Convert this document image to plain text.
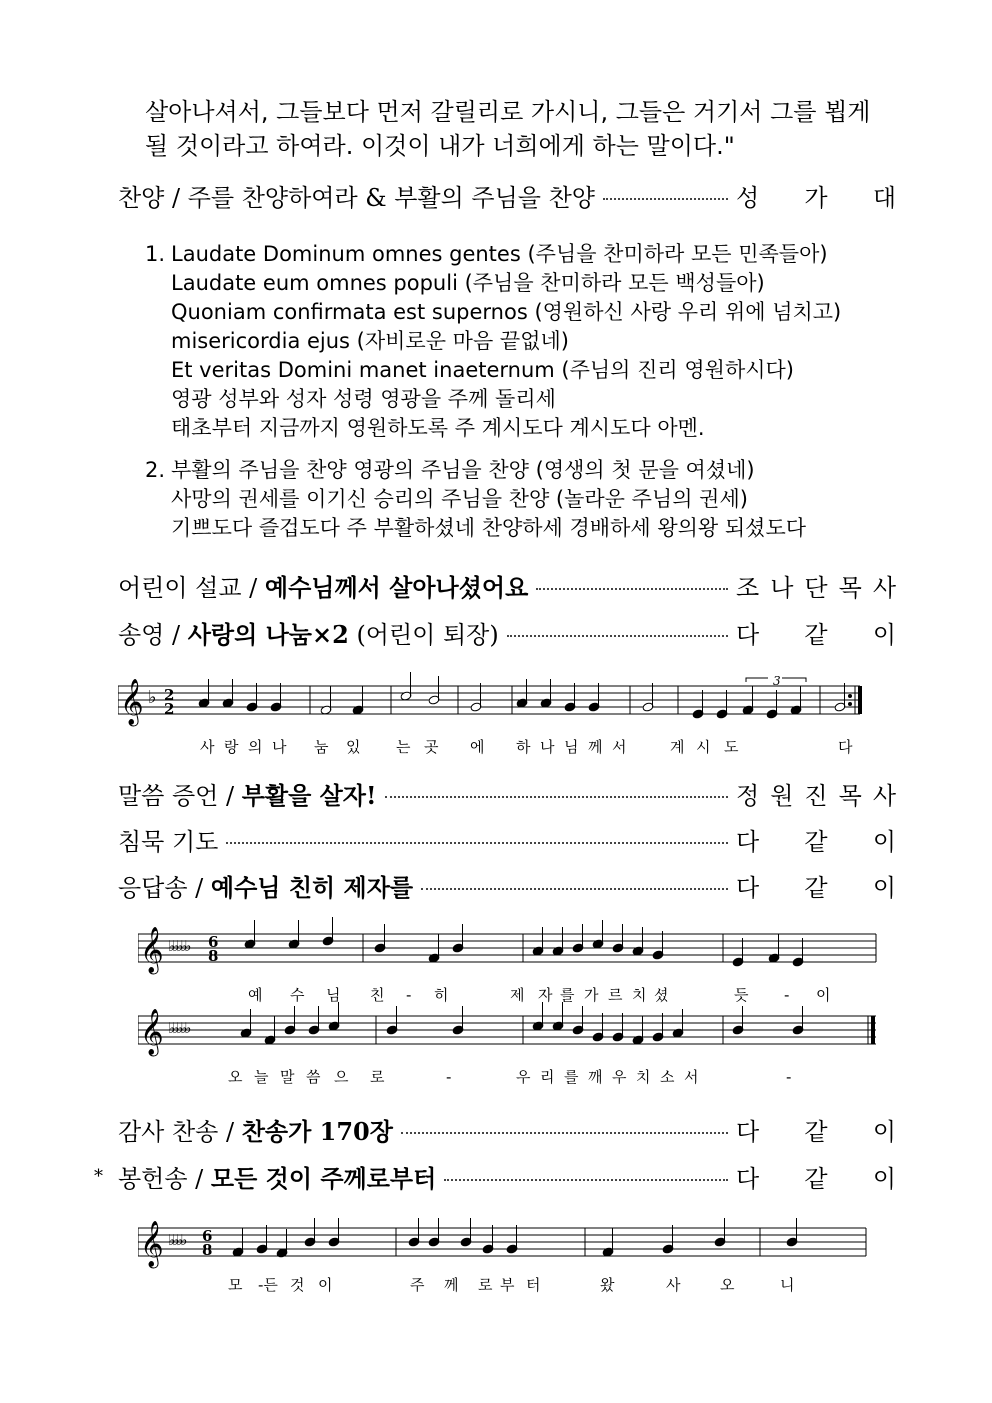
살아나셔서, 그들보다 먼저 갈릴리로 가시니, 그들은 거기서 그를 뵙게
될 것이라고 하여라. 이것이 내가 너희에게 하는 말이다."
찬양 / 주를 찬양하여라 & 부활의 주님을 찬양	성 가 대
1. Laudate Dominum omnes gentes (주님을 찬미하라 모든 민족들아)
Laudate eum omnes populi (주님을 찬미하라 모든 백성들아)
Quoniam confirmata est supernos (영원하신 사랑 우리 위에 넘치고)
misericordia ejus (자비로운 마음 끝없네)
Et veritas Domini manet inaeternum (주님의 진리 영원하시다)
영광 성부와 성자 성령 영광을 주께 돌리세
태초부터 지금까지 영원하도록 주 계시도다 계시도다 아멘.
2. 부활의 주님을 찬양 영광의 주님을 찬양 (영생의 첫 문을 여셨네)
사망의 권세를 이기신 승리의 주님을 찬양 (놀라운 주님의 권세)
기쁘도다 즐겁도다 주 부활하셨네 찬양하세 경배하세 왕의왕 되셨도다
어린이 설교 / 예수님께서 살아나셨어요	조 나 단 목 사
송영 / 사랑의 나눔×2 (어린이 퇴장)	다 같 이
𝄞 ♭ 2
2
3
사 랑 의 나 눔 있 는 곳 에 하 나 님 께 서	계 시 도	다
말씀 증언 / 부활을 살자!	정 원 진 목 사
침묵 기도	다 같 이
응답송 / 예수님 친히 제자를	다 같 이
𝄞
𝄞
♭♭♭♭♭
♭♭♭♭♭
6
8
예 수 님 친 - 히	제 자 를 가 르 치 셨	듯 - 이
오 늘 말 씀 으 로	-	우 리 를 깨 우 치 소 서	-
감사 찬송 / 찬송가 170장	다 같 이
* 봉헌송 / 모든 것이 주께로부터	다 같 이
𝄞 ♭♭♭♭ 6
8
모 -든 것 이	주 께 로 부 터	왔	사	오	니
